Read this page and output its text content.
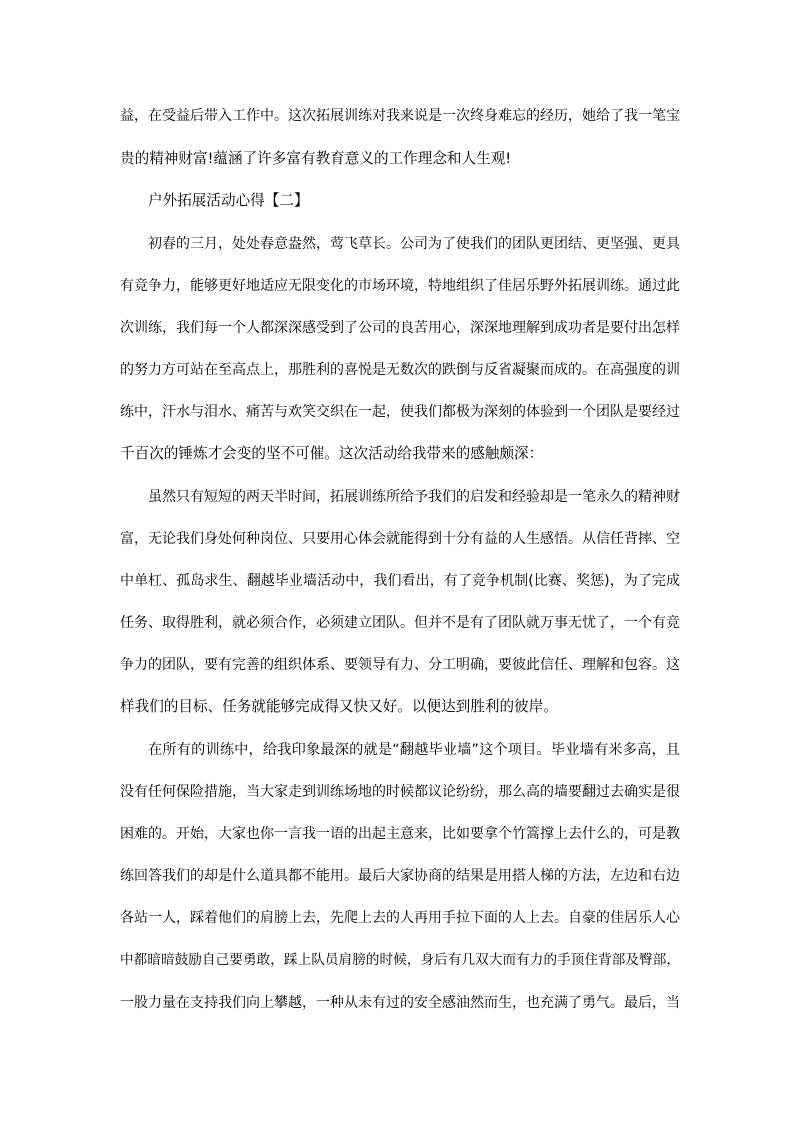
益，在受益后带入工作中。这次拓展训练对我来说是一次终身难忘的经历，她给了我一笔宝
贵的精神财富!蕴涵了许多富有教育意义的工作理念和人生观!
户外拓展活动心得【二】
初春的三月，处处春意盎然，莺飞草长。公司为了使我们的团队更团结、更坚强、更具
有竞争力，能够更好地适应无限变化的市场环境，特地组织了佳居乐野外拓展训练。通过此
次训练，我们每一个人都深深感受到了公司的良苦用心，深深地理解到成功者是要付出怎样
的努力方可站在至高点上，那胜利的喜悦是无数次的跌倒与反省凝聚而成的。在高强度的训
练中，汗水与泪水、痛苦与欢笑交织在一起，使我们都极为深刻的体验到一个团队是要经过
千百次的锤炼才会变的坚不可催。这次活动给我带来的感触颇深：
虽然只有短短的两天半时间，拓展训练所给予我们的启发和经验却是一笔永久的精神财
富，无论我们身处何种岗位、只要用心体会就能得到十分有益的人生感悟。从信任背摔、空
中单杠、孤岛求生、翻越毕业墙活动中，我们看出，有了竞争机制(比赛、奖惩)，为了完成
任务、取得胜利，就必须合作，必须建立团队。但并不是有了团队就万事无忧了，一个有竞
争力的团队，要有完善的组织体系、要领导有力、分工明确，要彼此信任、理解和包容。这
样我们的目标、任务就能够完成得又快又好。以便达到胜利的彼岸。
在所有的训练中，给我印象最深的就是“翻越毕业墙”这个项目。毕业墙有米多高，且
没有任何保险措施，当大家走到训练场地的时候都议论纷纷，那么高的墙要翻过去确实是很
困难的。开始，大家也你一言我一语的出起主意来，比如要拿个竹篙撑上去什么的，可是教
练回答我们的却是什么道具都不能用。最后大家协商的结果是用搭人梯的方法，左边和右边
各站一人，踩着他们的肩膀上去，先爬上去的人再用手拉下面的人上去。自豪的佳居乐人心
中都暗暗鼓励自己要勇敢，踩上队员肩膀的时候，身后有几双大而有力的手顶住背部及臀部，
一股力量在支持我们向上攀越，一种从未有过的安全感油然而生，也充满了勇气。最后，当
